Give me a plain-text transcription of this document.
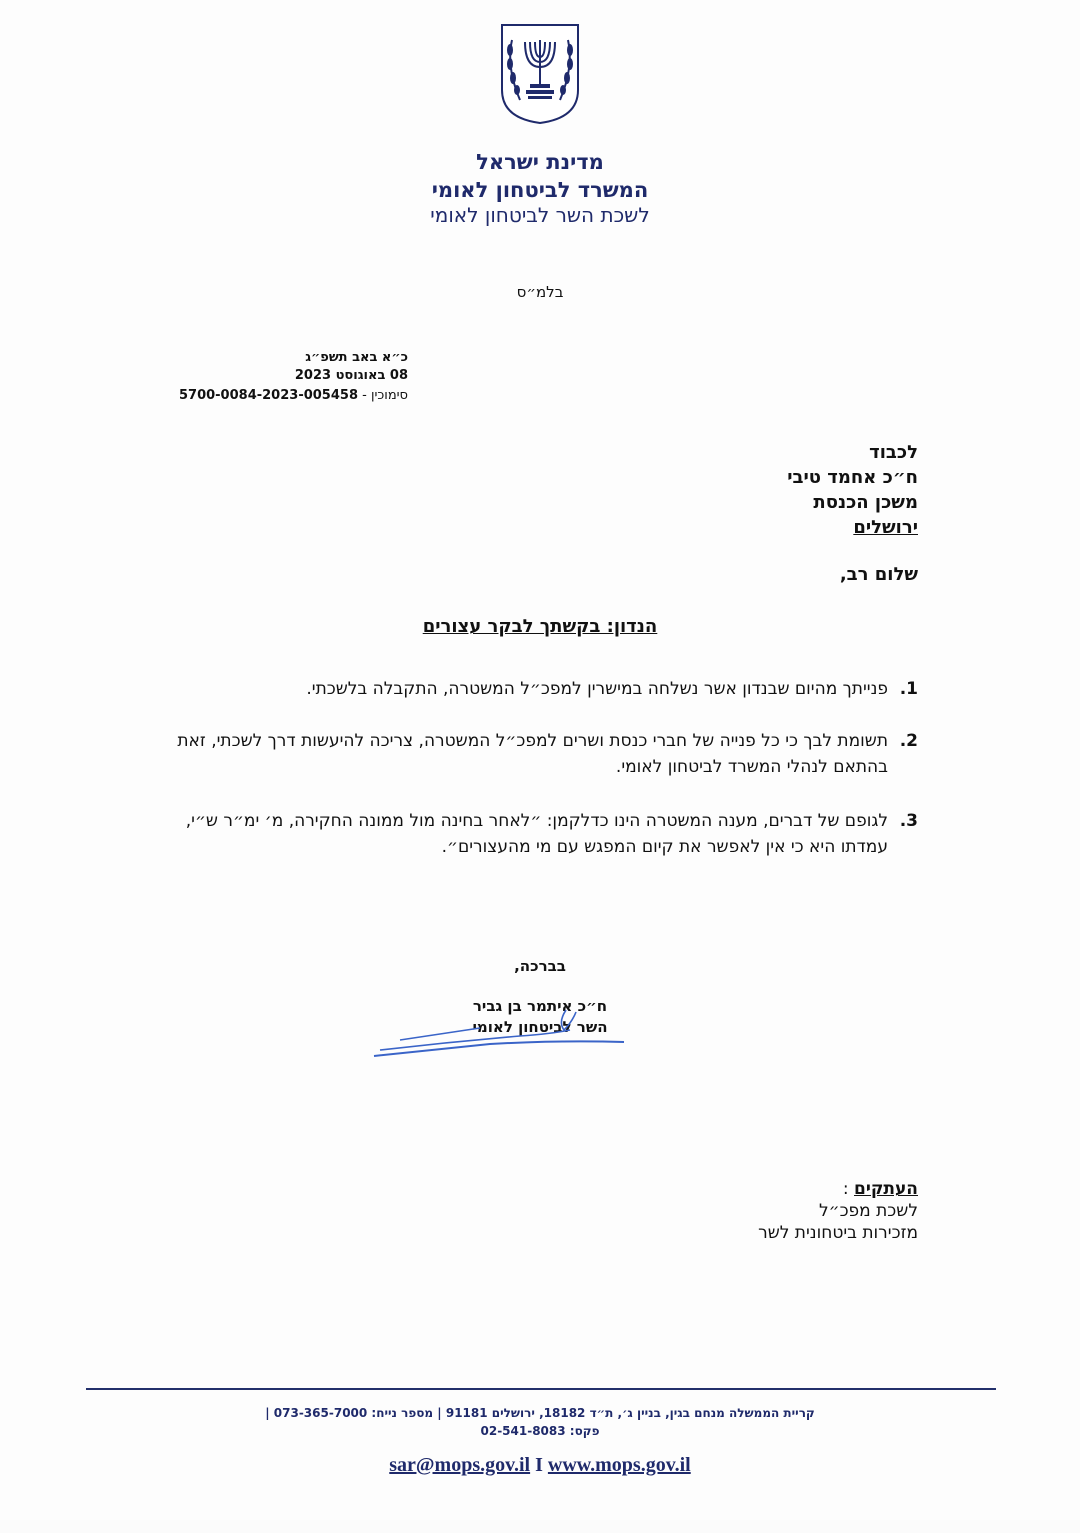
מדינת ישראל
המשרד לביטחון לאומי
לשכת השר לביטחון לאומי
בלמ״ס
כ״א באב תשפ״ג
08 באוגוסט 2023
סימוכין - 5700-0084-2023-005458
לכבוד
ח״כ אחמד טיבי
משכן הכנסת
ירושלים
שלום רב,
הנדון: בקשתך לבקר עצורים
1.
פנייתך מהיום שבנדון אשר נשלחה במישרין למפכ״ל המשטרה, התקבלה בלשכתי.
2.
תשומת לבך כי כל פנייה של חברי כנסת ושרים למפכ״ל המשטרה, צריכה להיעשות דרך לשכתי, זאת בהתאם לנהלי המשרד לביטחון לאומי.
3.
לגופם של דברים, מענה המשטרה הינו כדלקמן: ״לאחר בחינה מול ממונה החקירה, מ׳ ימ״ר ש״י, עמדתו היא כי אין לאפשר את קיום המפגש עם מי מהעצורים״.
בברכה,
ח״כ איתמר בן גביר
השר לביטחון לאומי
העתקים :
לשכת מפכ״ל
מזכירות ביטחונית לשר
קריית הממשלה מנחם בגין, בניין ג׳, ת״ד 18182, ירושלים 91181 | מספר נייח: 073-365-7000 |
פקס: 02-541-8083
sar@mops.gov.il I www.mops.gov.il
